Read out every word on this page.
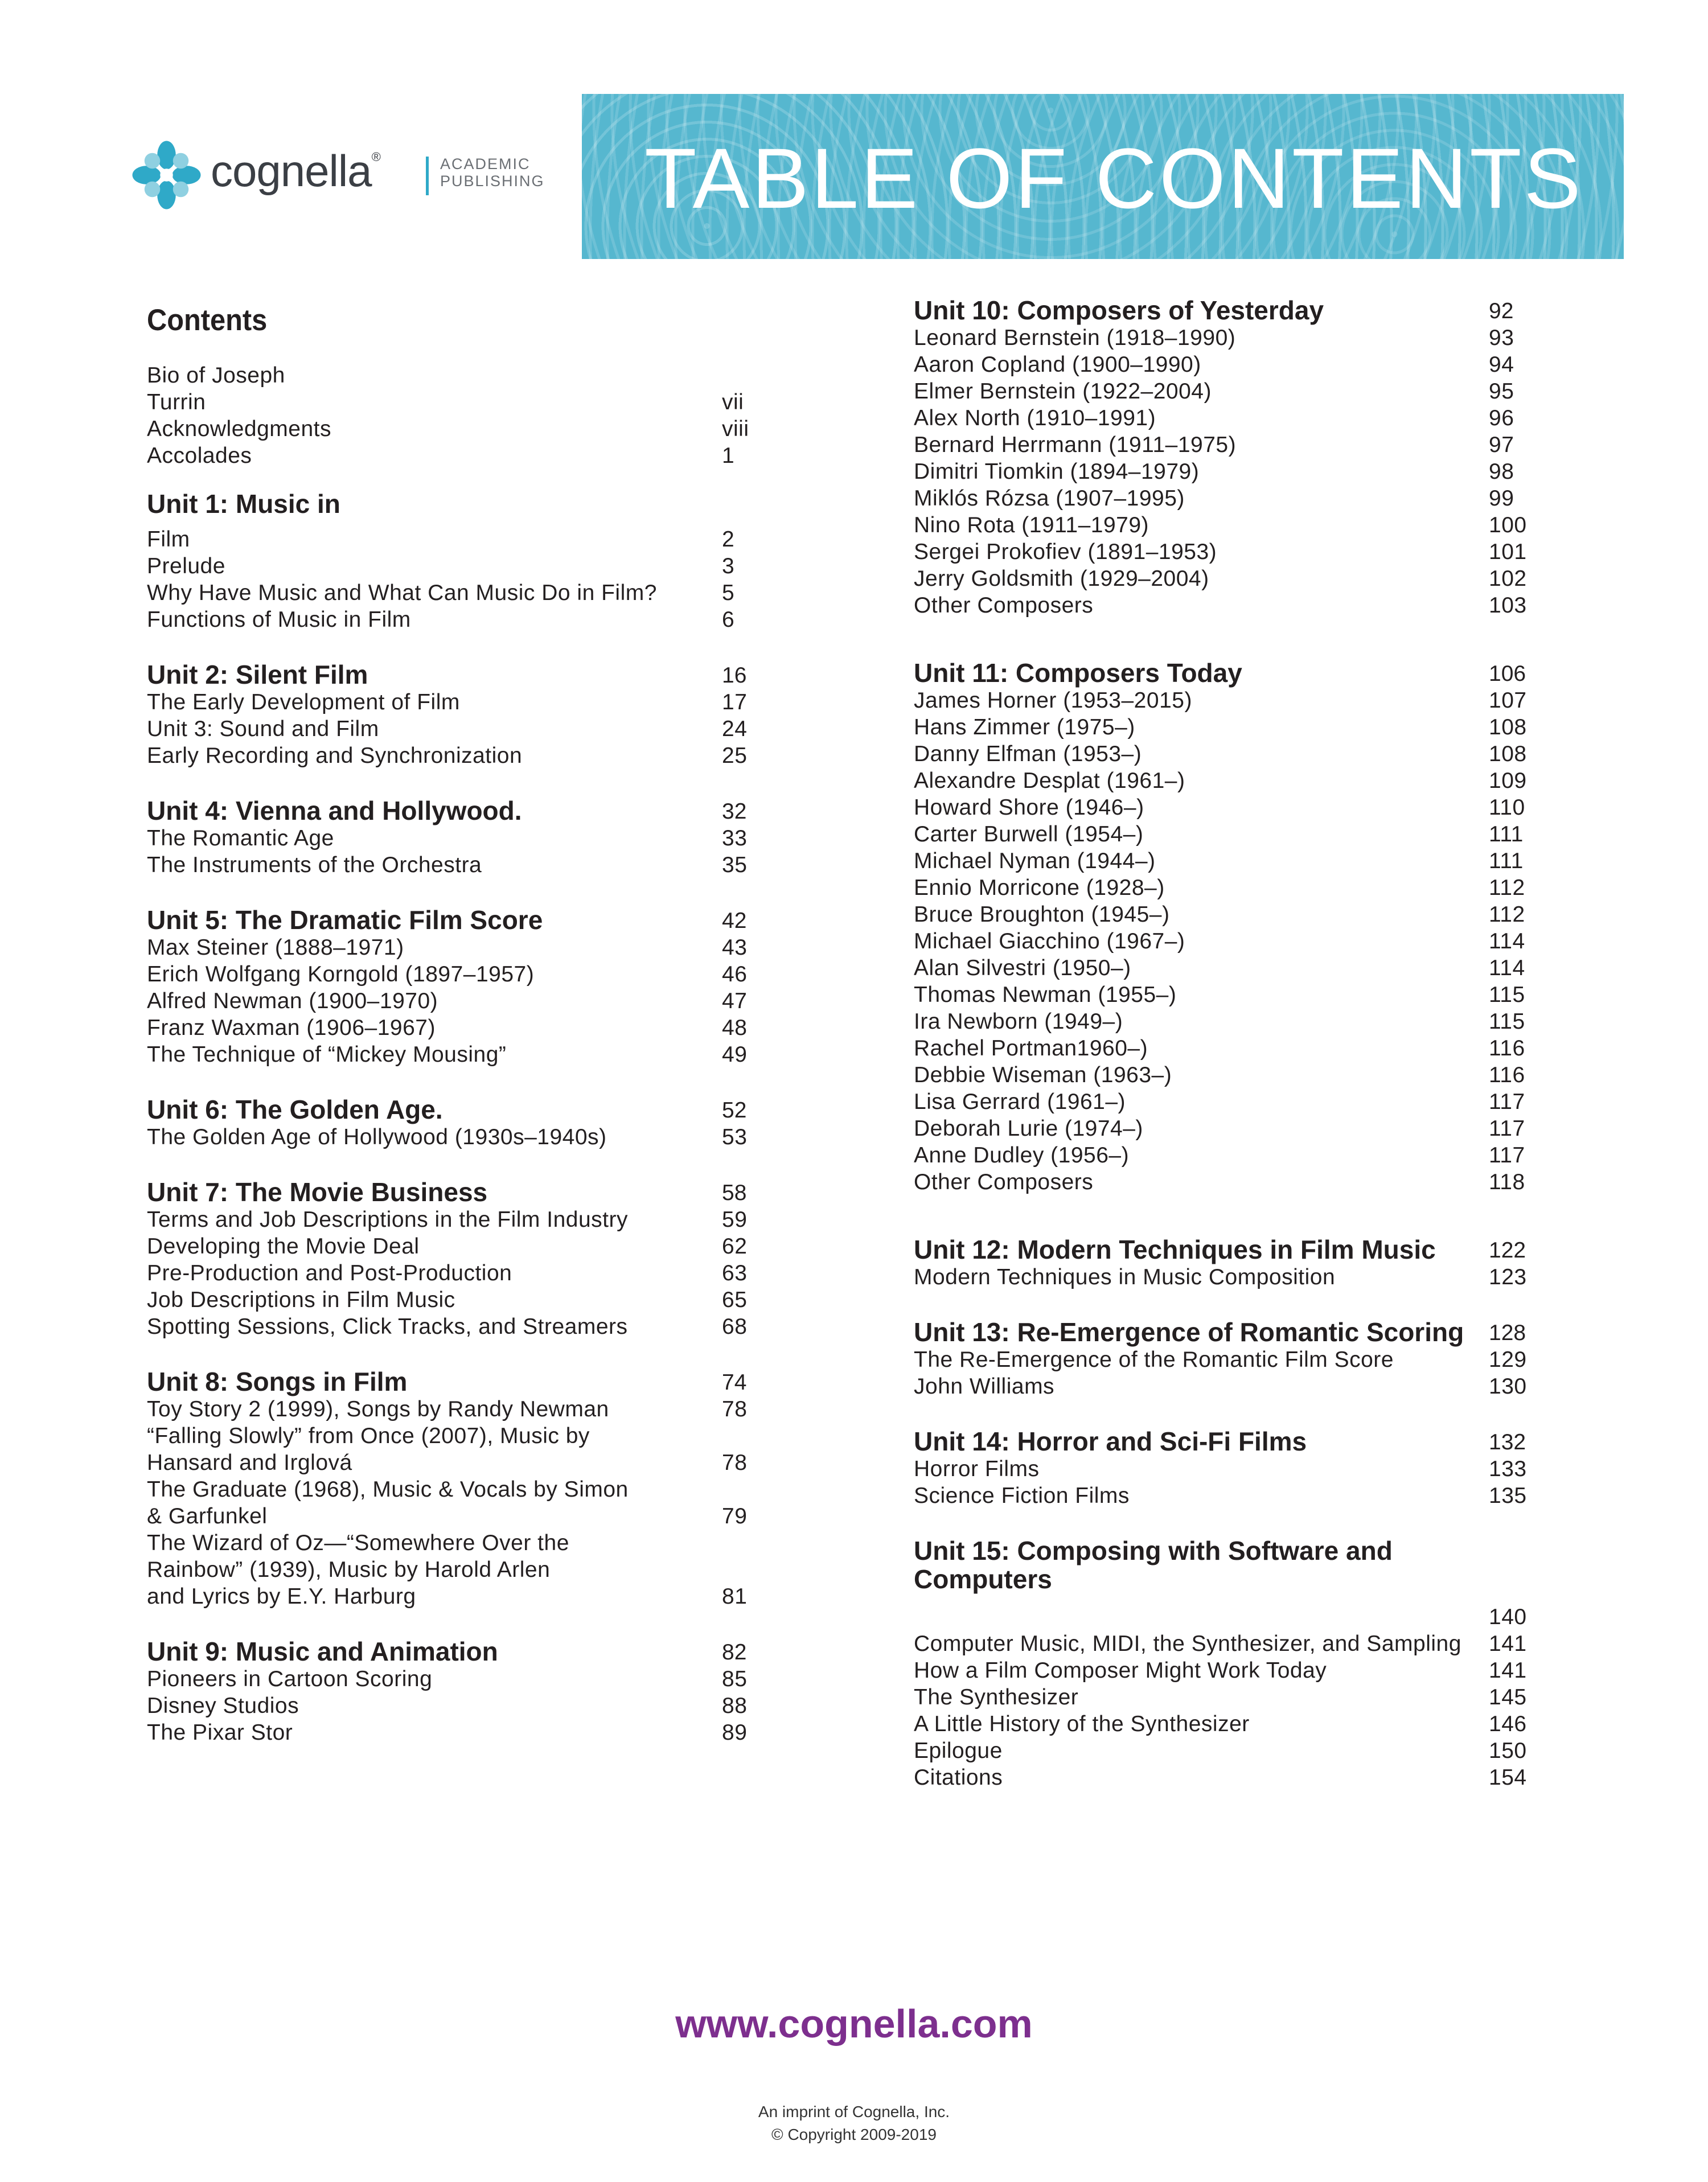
cognella®	ACADEMIC
PUBLISHING TABLE OF CONTENTS
Contents
Bio of Joseph
Turrin	vii
Acknowledgments	viii
Accolades	1
Unit 1: Music in
Film	2
Prelude	3
Why Have Music and What Can Music Do in Film?	5
Functions of Music in Film	6
Unit 2: Silent Film	16
The Early Development of Film	17
Unit 3: Sound and Film	24
Early Recording and Synchronization	25
Unit 4: Vienna and Hollywood.	32
The Romantic Age	33
The Instruments of the Orchestra	35
Unit 5: The Dramatic Film Score	42
Max Steiner (1888–1971)	43
Erich Wolfgang Korngold (1897–1957)	46
Alfred Newman (1900–1970)	47
Franz Waxman (1906–1967)	48
The Technique of “Mickey Mousing”	49
Unit 6: The Golden Age.	52
The Golden Age of Hollywood (1930s–1940s)	53
Unit 7: The Movie Business	58
Terms and Job Descriptions in the Film Industry	59
Developing the Movie Deal	62
Pre-Production and Post-Production	63
Job Descriptions in Film Music	65
Spotting Sessions, Click Tracks, and Streamers	68
Unit 8: Songs in Film	74
Toy Story 2 (1999), Songs by Randy Newman	78
“Falling Slowly” from Once (2007), Music by
Hansard and Irglová	78
The Graduate (1968), Music & Vocals by Simon
& Garfunkel	79
The Wizard of Oz—“Somewhere Over the
Rainbow” (1939), Music by Harold Arlen
and Lyrics by E.Y. Harburg	81
Unit 9: Music and Animation	82
Pioneers in Cartoon Scoring	85
Disney Studios	88
The Pixar Stor	89
Unit 10: Composers of Yesterday	92
Leonard Bernstein (1918–1990)	93
Aaron Copland (1900–1990)	94
Elmer Bernstein (1922–2004)	95
Alex North (1910–1991)	96
Bernard Herrmann (1911–1975)	97
Dimitri Tiomkin (1894–1979)	98
Miklós Rózsa (1907–1995)	99
Nino Rota (1911–1979)	100
Sergei Prokofiev (1891–1953)	101
Jerry Goldsmith (1929–2004)	102
Other Composers	103
Unit 11: Composers Today	106
James Horner (1953–2015)	107
Hans Zimmer (1975–)	108
Danny Elfman (1953–)	108
Alexandre Desplat (1961–)	109
Howard Shore (1946–)	110
Carter Burwell (1954–)	111
Michael Nyman (1944–)	111
Ennio Morricone (1928–)	112
Bruce Broughton (1945–)	112
Michael Giacchino (1967–)	114
Alan Silvestri (1950–)	114
Thomas Newman (1955–)	115
Ira Newborn (1949–)	115
Rachel Portman1960–)	116
Debbie Wiseman (1963–)	116
Lisa Gerrard (1961–)	117
Deborah Lurie (1974–)	117
Anne Dudley (1956–)	117
Other Composers	118
Unit 12: Modern Techniques in Film Music	122
Modern Techniques in Music Composition	123
Unit 13: Re-Emergence of Romantic Scoring	128
The Re-Emergence of the Romantic Film Score	129
John Williams	130
Unit 14: Horror and Sci-Fi Films	132
Horror Films	133
Science Fiction Films	135
Unit 15: Composing with Software and Computers
140
Computer Music, MIDI, the Synthesizer, and Sampling	141
How a Film Composer Might Work Today	141
The Synthesizer	145
A Little History of the Synthesizer	146
Epilogue	150
Citations	154
www.cognella.com
An imprint of Cognella, Inc.
© Copyright 2009-2019
